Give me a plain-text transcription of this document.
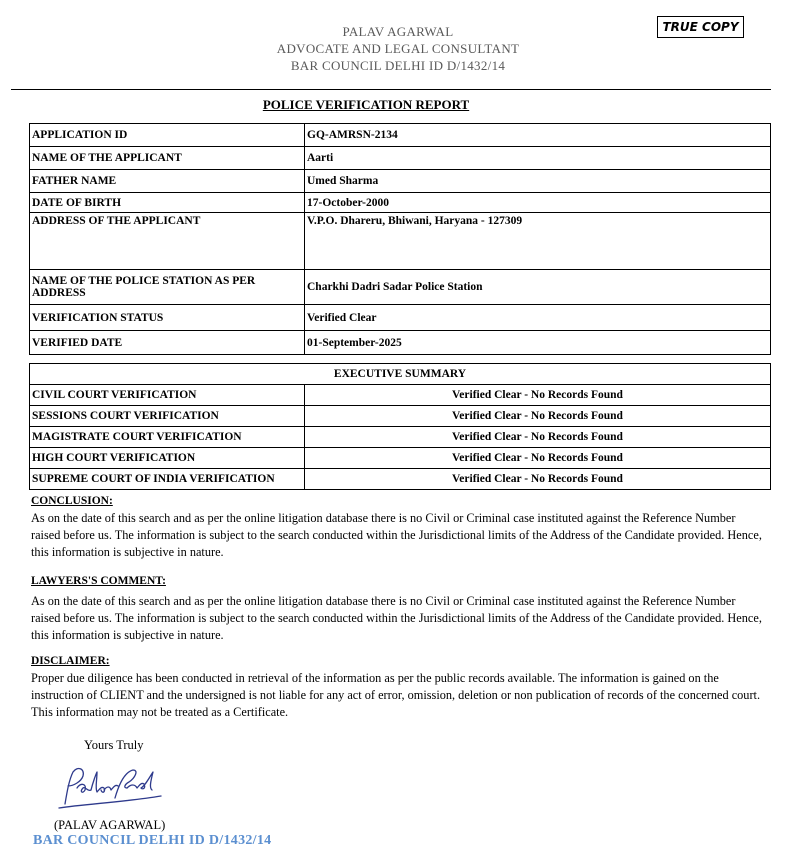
TRUE COPY
PALAV AGARWAL
ADVOCATE AND LEGAL CONSULTANT
BAR COUNCIL DELHI ID D/1432/14
POLICE VERIFICATION REPORT
APPLICATION ID	GQ-AMRSN-2134
NAME OF THE APPLICANT	Aarti
FATHER NAME	Umed Sharma
DATE OF BIRTH	17-October-2000
ADDRESS OF THE APPLICANT	V.P.O. Dhareru, Bhiwani, Haryana - 127309
NAME OF THE POLICE STATION AS PER ADDRESS	Charkhi Dadri Sadar Police Station
VERIFICATION STATUS	Verified Clear
VERIFIED DATE	01-September-2025
EXECUTIVE SUMMARY	
CIVIL COURT VERIFICATION	Verified Clear - No Records Found
SESSIONS COURT VERIFICATION	Verified Clear - No Records Found
MAGISTRATE COURT VERIFICATION	Verified Clear - No Records Found
HIGH COURT VERIFICATION	Verified Clear - No Records Found
SUPREME COURT OF INDIA VERIFICATION	Verified Clear - No Records Found
CONCLUSION:
As on the date of this search and as per the online litigation database there is no Civil or Criminal case instituted against the Reference Number raised before us. The information is subject to the search conducted within the Jurisdictional limits of the Address of the Candidate provided. Hence, this information is subjective in nature.
LAWYERS'S COMMENT:
As on the date of this search and as per the online litigation database there is no Civil or Criminal case instituted against the Reference Number raised before us. The information is subject to the search conducted within the Jurisdictional limits of the Address of the Candidate provided. Hence, this information is subjective in nature.
DISCLAIMER:
Proper due diligence has been conducted in retrieval of the information as per the public records available. The information is gained on the instruction of CLIENT and the undersigned is not liable for any act of error, omission, deletion or non publication of records of the concerned court. This information may not be treated as a Certificate.
Yours Truly
(PALAV AGARWAL)
BAR COUNCIL DELHI ID D/1432/14
